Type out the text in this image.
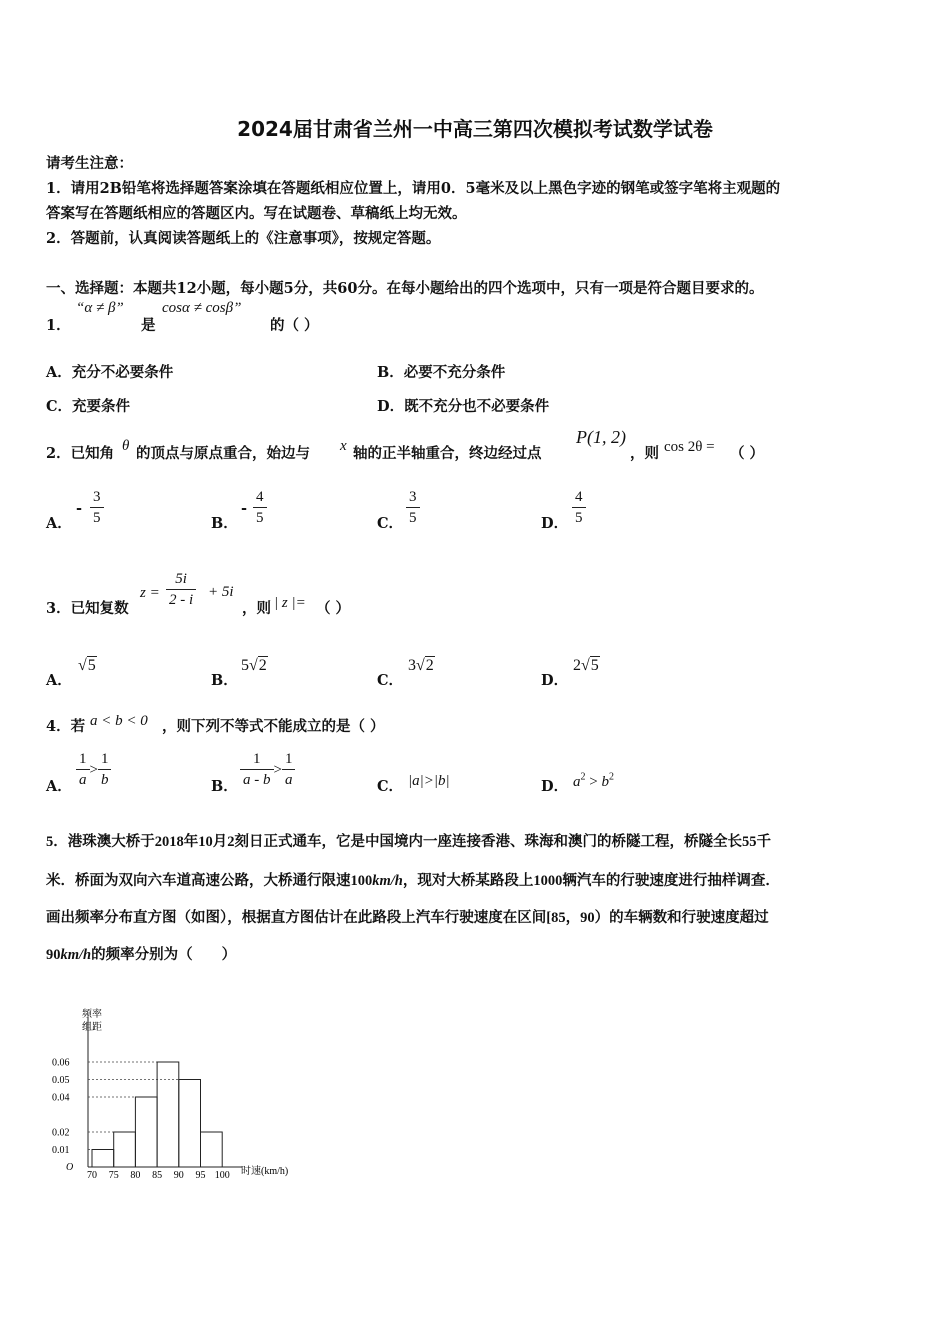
2024届甘肃省兰州一中高三第四次模拟考试数学试卷
请考生注意：
1．请用2B铅笔将选择题答案涂填在答题纸相应位置上，请用0．5毫米及以上黑色字迹的钢笔或签字笔将主观题的
答案写在答题纸相应的答题区内。写在试题卷、草稿纸上均无效。
2．答题前，认真阅读答题纸上的《注意事项》，按规定答题。
一、选择题：本题共12小题，每小题5分，共60分。在每小题给出的四个选项中，只有一项是符合题目要求的。
1．
“α ≠ β”
是
cosα ≠ cosβ”
的（ ）
A．充分不必要条件	B．必要不充分条件
C．充要条件	D．既不充分也不必要条件
2．已知角 θ 的顶点与原点重合，始边与 x 轴的正半轴重合，终边经过点
P(1, 2)
，则 cos 2θ = （ ）
A．
- $\frac{3}{5}$	B．
- $\frac{4}{5}$	C． $\frac{3}{5}$	D． $\frac{4}{5}$
3．已知复数
$z = \frac{5i}{2 - i} + 5i$
，则 | z |= （ ）
A．
√5
B．
5√2
C．
3√2
D．
2√5
4．若 a < b < 0 ，则下列不等式不能成立的是（ ）
A． $\frac{1}{a} > \frac{1}{b}$	B． $\frac{1}{a - b} > \frac{1}{a}$	C． |a|>|b|	D． $a^2 > b^2$
5．港珠澳大桥于2018年10月2刻日正式通车，它是中国境内一座连接香港、珠海和澳门的桥隧工程，桥隧全长55千
米．桥面为双向六车道高速公路，大桥通行限速100km/h，现对大桥某路段上1000辆汽车的行驶速度进行抽样调查．
画出频率分布直方图（如图），根据直方图估计在此路段上汽车行驶速度在区间[85，90）的车辆数和行驶速度超过
90km/h的频率分别为（　　）
频率
组距
O	时速(km/h)
0.06
0.05
0.04
0.02
0.01
70 75 80 85 90 95 100
